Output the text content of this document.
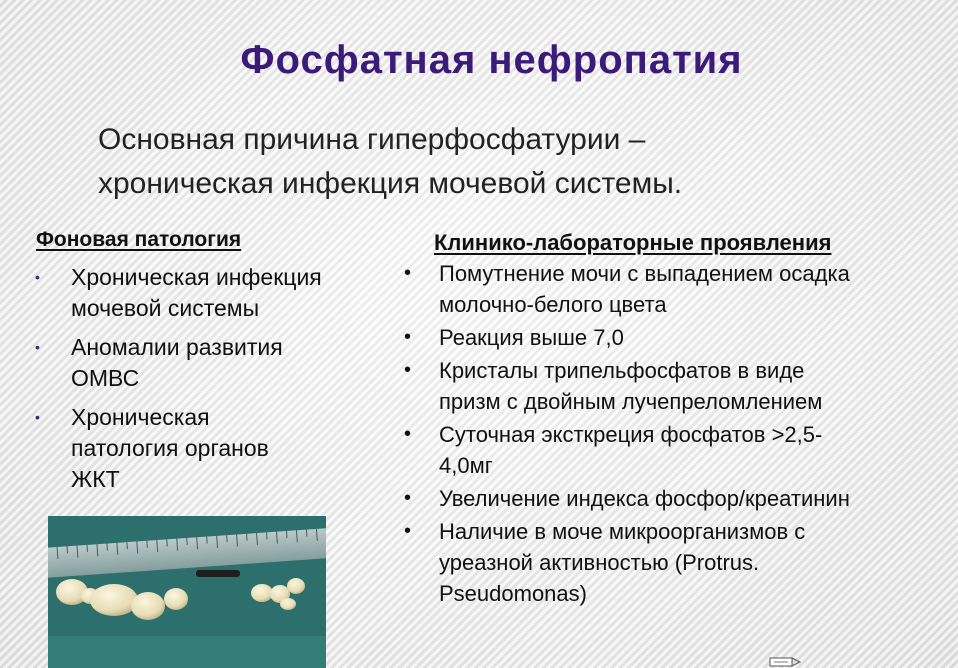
Фосфатная нефропатия
Основная причина гиперфосфатурии –
хроническая инфекция мочевой системы.
Фоновая патология
• Хроническая инфекция
мочевой системы
• Аномалии развития
ОМВС
• Хроническая
патология органов
ЖКТ
Клинико-лабораторные проявления
• Помутнение мочи с выпадением осадка
молочно-белого цвета
• Реакция выше 7,0
• Кристалы трипельфосфатов в виде
призм с двойным лучепреломлением
• Суточная эксткреция фосфатов >2,5-
4,0мг
• Увеличение индекса фосфор/креатинин
• Наличие в моче микроорганизмов с
уреазной активностью (Protrus.
Pseudomonas)
